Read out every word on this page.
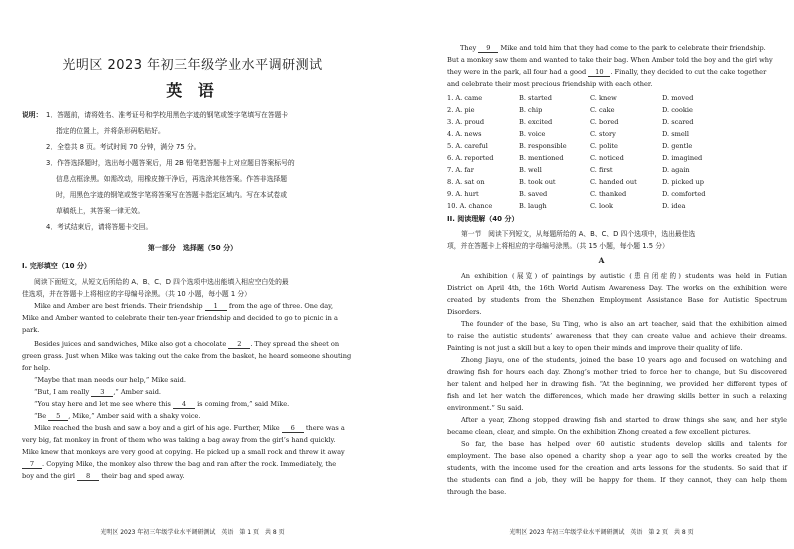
光明区 2023 年初三年级学业水平调研测试
英 语
说明： 1．答题前，请将姓名、准考证号和学校用黑色字迹的钢笔或签字笔填写在答题卡
指定的位置上，并将条形码粘贴好。
2．全卷共 8 页。考试时间 70 分钟，满分 75 分。
3．作答选择题时，选出每小题答案后，用 2B 铅笔把答题卡上对应题目答案标号的
信息点框涂黑。如需改动，用橡皮擦干净后，再选涂其他答案。作答非选择题
时，用黑色字迹的钢笔或签字笔将答案写在答题卡指定区域内。写在本试卷或
草稿纸上，其答案一律无效。
4．考试结束后，请将答题卡交回。
第一部分　选择题（50 分）
I. 完形填空（10 分）
阅读下面短文，从短文后所给的 A、B、C、D 四个选项中选出能填入相应空白处的最
佳选项，并在答题卡上将相应的字母编号涂黑。（共 10 小题，每小题 1 分）
Mike and Amber are best friends. Their friendship 1 from the age of three. One day,
Mike and Amber wanted to celebrate their ten-year friendship and decided to go to picnic in a
park.
Besides juices and sandwiches, Mike also got a chocolate 2 . They spread the sheet on
green grass. Just when Mike was taking out the cake from the basket, he heard someone shouting
for help.
“Maybe that man needs our help,” Mike said.
“But, I am really 3 ,” Amber said.
“You stay here and let me see where this 4 is coming from,” said Mike.
“Be 5 , Mike,” Amber said with a shaky voice.
Mike reached the bush and saw a boy and a girl of his age. Further, Mike 6 there was a
very big, fat monkey in front of them who was taking a bag away from the girl’s hand quickly.
Mike knew that monkeys are very good at copying. He picked up a small rock and threw it away
7 . Copying Mike, the monkey also threw the bag and ran after the rock. Immediately, the
boy and the girl 8 their bag and sped away.
光明区 2023 年初三年级学业水平调研测试　英语　第 1 页　共 8 页
They 9 Mike and told him that they had come to the park to celebrate their friendship.
But a monkey saw them and wanted to take their bag. When Amber told the boy and the girl why
they were in the park, all four had a good 10 . Finally, they decided to cut the cake together
and celebrate their most precious friendship with each other.
1. A. came	B. started	C. knew	D. moved
2. A. pie	B. chip	C. cake	D. cookie
3. A. proud	B. excited	C. bored	D. scared
4. A. news	B. voice	C. story	D. smell
5. A. careful	B. responsible	C. polite	D. gentle
6. A. reported	B. mentioned	C. noticed	D. imagined
7. A. far	B. well	C. first	D. again
8. A. sat on	B. took out	C. handed out	D. picked up
9. A. hurt	B. saved	C. thanked	D. comforted
10. A. chance	B. laugh	C. look	D. idea
II. 阅读理解（40 分）
第一节　阅读下列短文，从每题所给的 A、B、C、D 四个选项中，选出最佳选
项，并在答题卡上将相应的字母编号涂黑。（共 15 小题，每小题 1.5 分）
A
An exhibition (展览) of paintings by autistic (患自闭症的) students was held in Futian
District on April 4th, the 16th World Autism Awareness Day. The works on the exhibition were
created by students from the Shenzhen Employment Assistance Base for Autistic Spectrum
Disorders.
The founder of the base, Su Ting, who is also an art teacher, said that the exhibition aimed
to raise the autistic students’ awareness that they can create value and achieve their dreams.
Painting is not just a skill but a key to open their minds and improve their quality of life.
Zhong Jiayu, one of the students, joined the base 10 years ago and focused on watching and
drawing fish for hours each day. Zhong’s mother tried to force her to change, but Su discovered
her talent and helped her in drawing fish. “At the beginning, we provided her different types of
fish and let her watch the differences, which made her drawing skills better in such a relaxing
environment.” Su said.
After a year, Zhong stopped drawing fish and started to draw things she saw, and her style
became clean, clear, and simple. On the exhibition Zhong created a few excellent pictures.
So far, the base has helped over 60 autistic students develop skills and talents for
employment. The base also opened a charity shop a year ago to sell the works created by the
students, with the income used for the creation and arts lessons for the students. So said that if
the students can find a job, they will be happy for them. If they cannot, they can help them
through the base.
光明区 2023 年初三年级学业水平调研测试　英语　第 2 页　共 8 页
